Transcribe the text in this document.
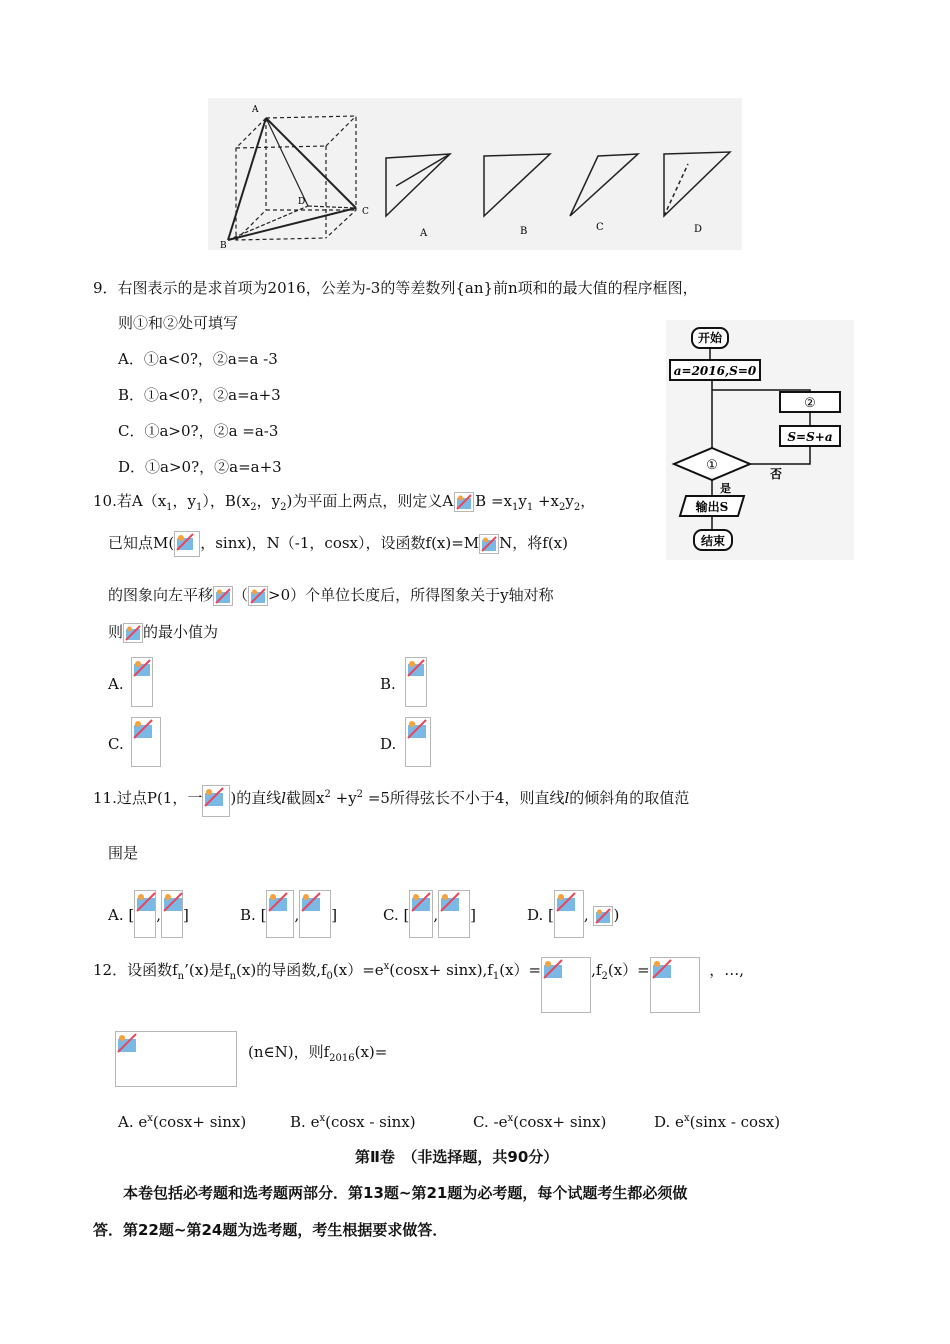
A
B
C
D
A	B	C	D
9．右图表示的是求首项为2016，公差为-3的等差数列{an}前n项和的最大值的程序框图，
则①和②处可填写
A．①a<0?，②a=a -3
B．①a<0?，②a=a+3
C．①a>0?，②a =a-3
D．①a>0?，②a=a+3
开始
a=2016,S=0
②
S=S+a
①
否
是
输出S
结束
10.若$A(x_1$，$y_1$），$B(x_2$，$y_2$)为平面上两点，则定义A $B =x_1y_1 +x_2y_2$，
已知点M( ，sinx)，N（-1，cosx），设函数f(x)=M N，将f(x)
的图象向左平移 （ >0）个单位长度后，所得图象关于y轴对称
则 的最小值为
A.	B.
C.	D.
11.过点P(1，一 )的直线l截圆$x^2 +y^2 =5$所得弦长不小于4，则直线l的倾斜角的取值范
围是
A. [ , ]	B. [ , ]	C. [ , ]	D. [ , )
12．设函数$f_n’(x)$是$f_n(x)$的导函数$,f_0(x)=e^x(\cos x+ \sin x),f_1(x)=$	$,f_2(x)=$	，…,
(n∈N)，则$f_{2016}(x)=$
A. $e^x(\cos x+ \sin x)$	B. $e^x(\cos x - \sin x)$	C. $-e^x(\cos x+ \sin x)$	D. $e^x(\sin x - \cos x)$
第Ⅱ卷　（非选择题，共90分）
本卷包括必考题和选考题两部分．第13题~第21题为必考题，每个试题考生都必须做
答．第22题~第24题为选考题，考生根据要求做答．
